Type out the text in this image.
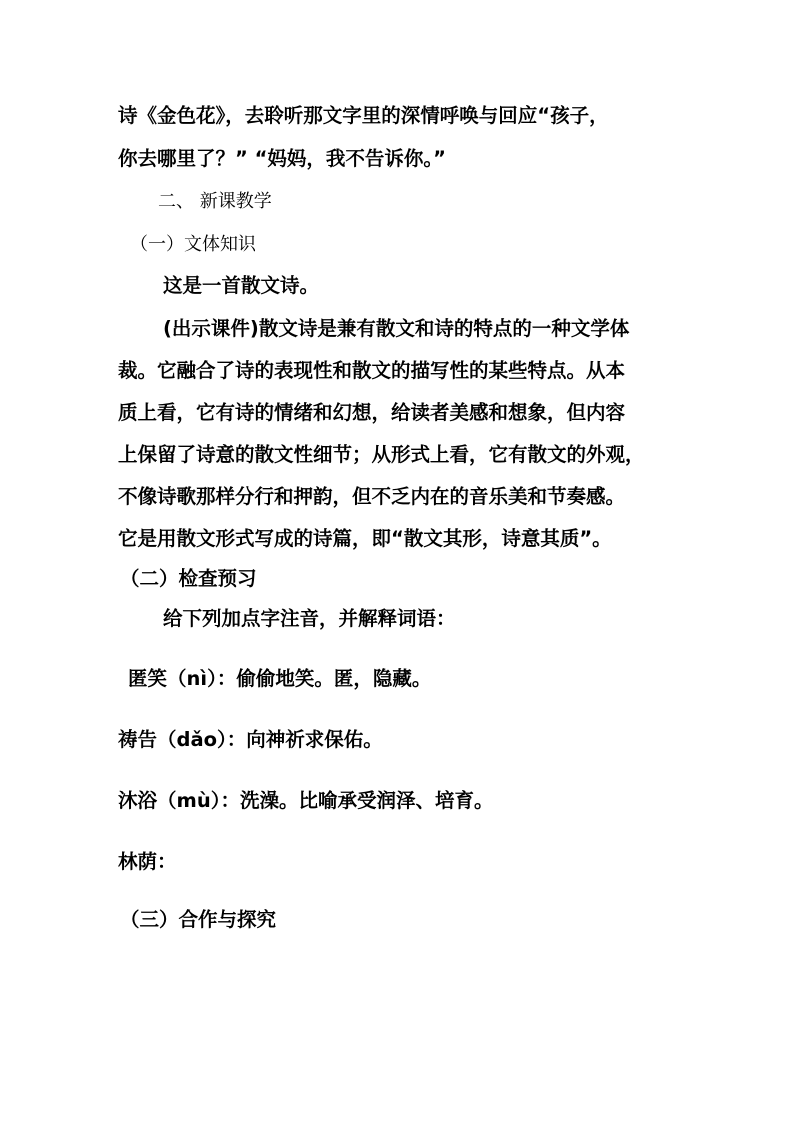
诗《金色花》，去聆听那文字里的深情呼唤与回应“孩子，
你去哪里了？” “妈妈，我不告诉你。”
二、 新课教学
（一）文体知识
这是一首散文诗。
(出示课件)散文诗是兼有散文和诗的特点的一种文学体
裁。它融合了诗的表现性和散文的描写性的某些特点。从本
质上看，它有诗的情绪和幻想，给读者美感和想象，但内容
上保留了诗意的散文性细节；从形式上看，它有散文的外观，
不像诗歌那样分行和押韵，但不乏内在的音乐美和节奏感。
它是用散文形式写成的诗篇，即“散文其形，诗意其质”。
（二）检查预习
给下列加点字注音，并解释词语：
匿笑（nì）：偷偷地笑。匿，隐藏。
祷告（dǎo）：向神祈求保佑。
沐浴（mù）：洗澡。比喻承受润泽、培育。
林荫：
（三）合作与探究
